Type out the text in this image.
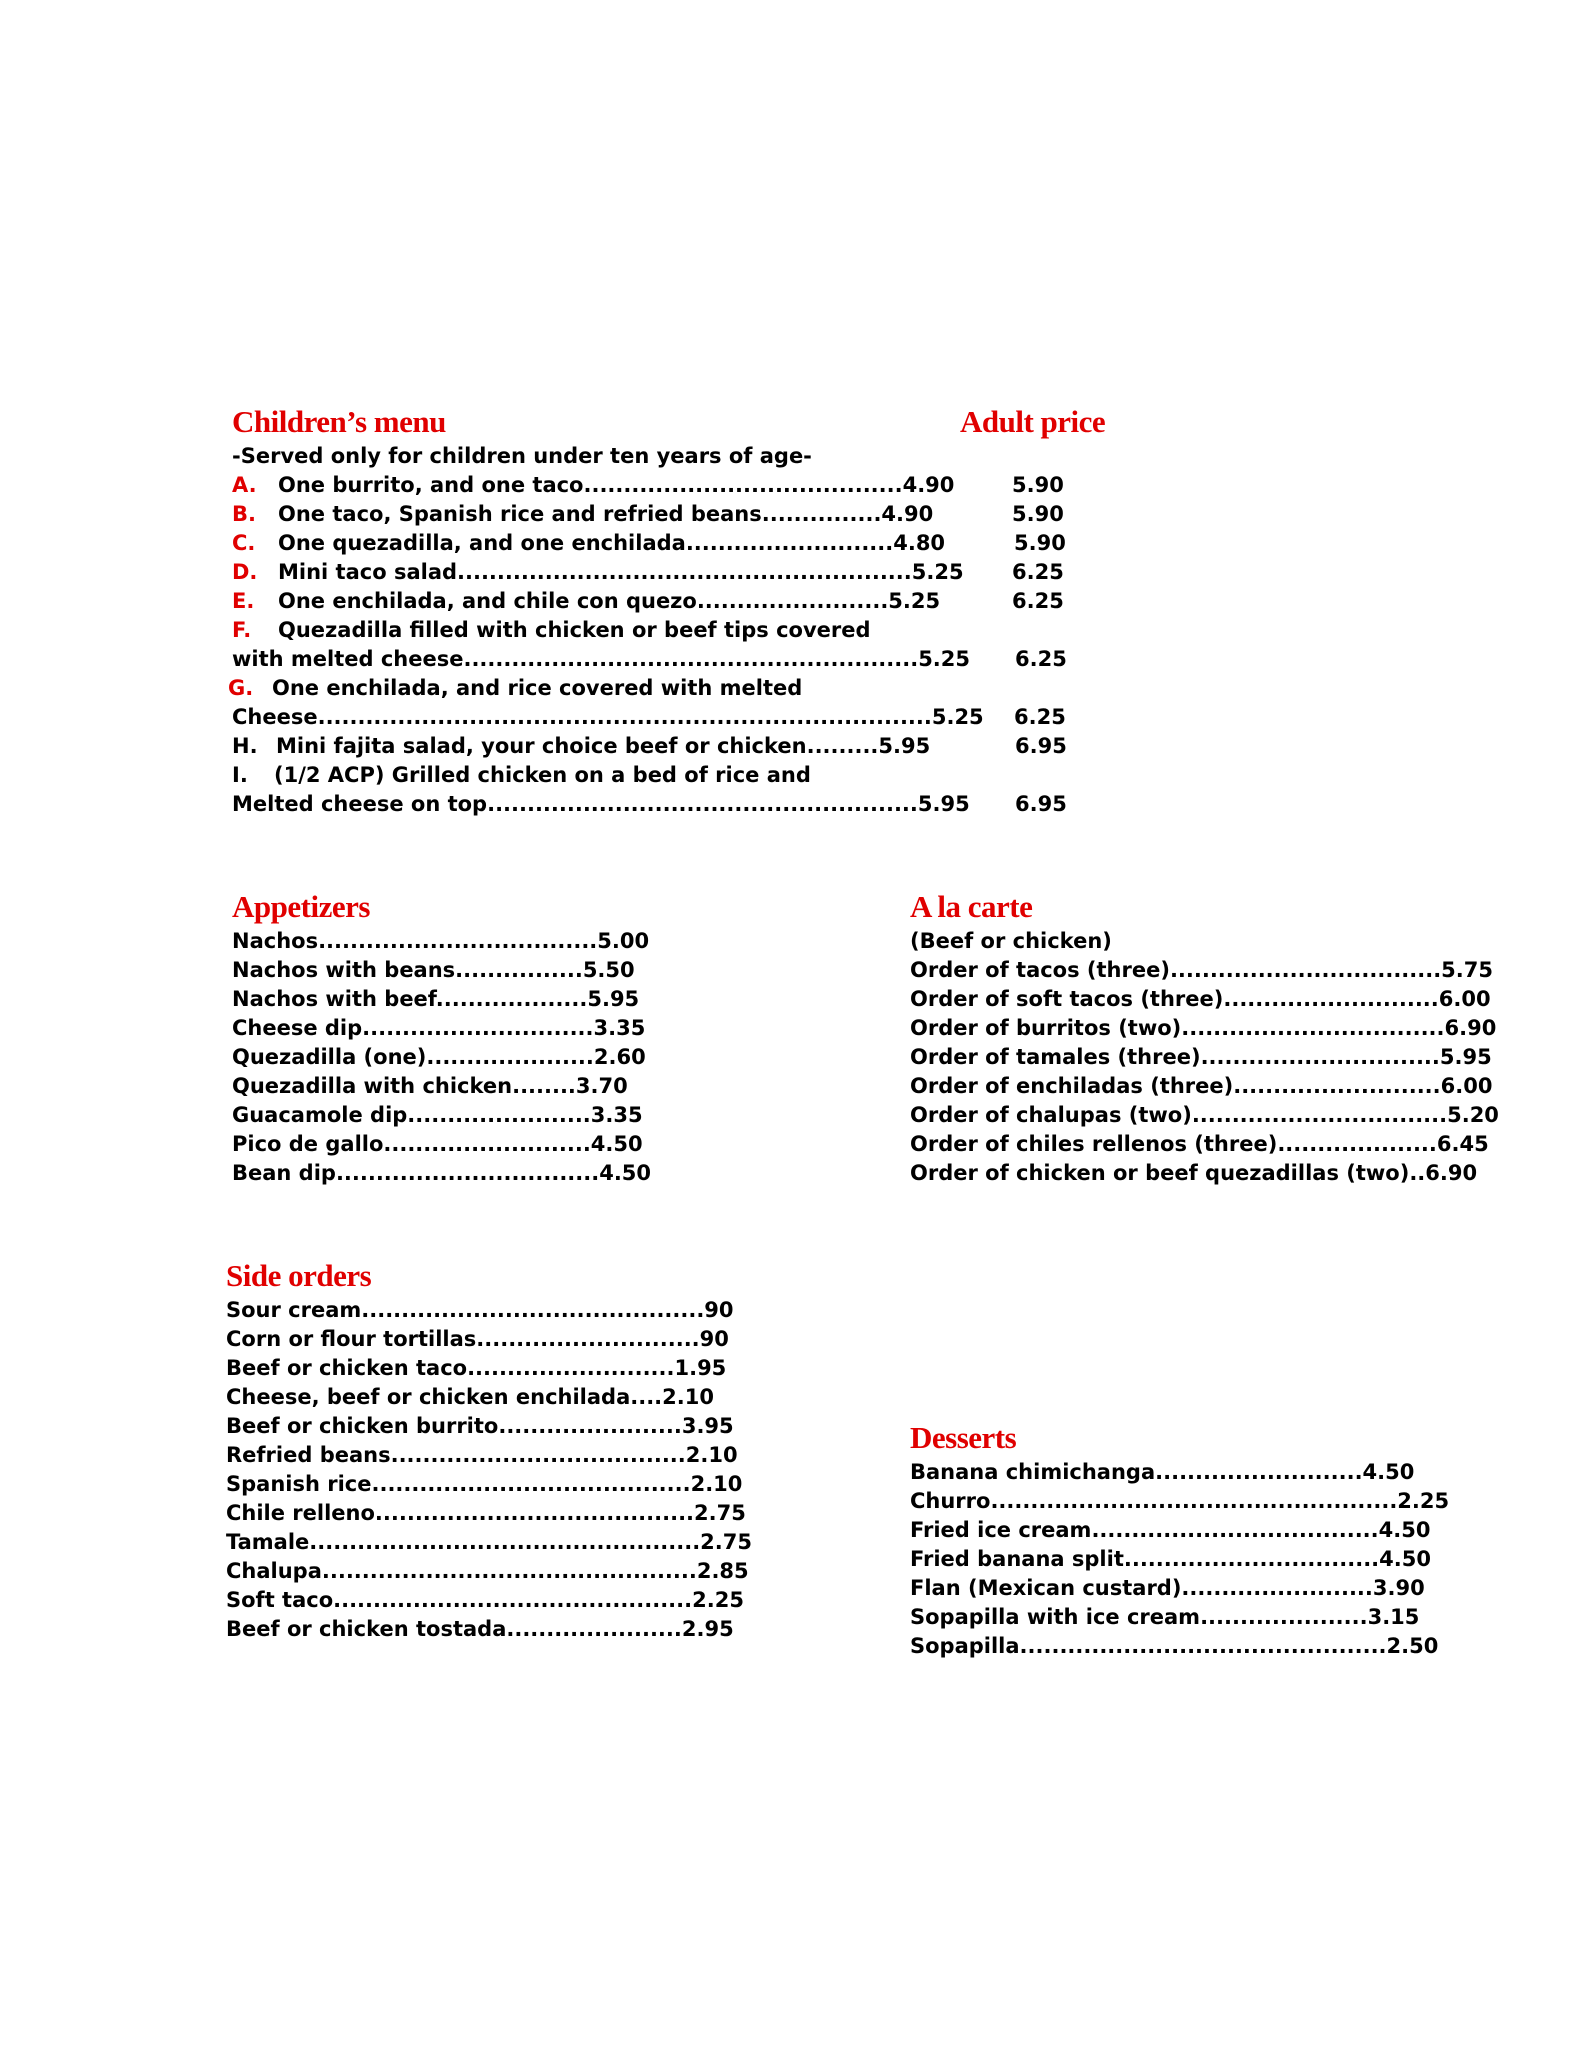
Children’s menu	Adult price
-Served only for children under ten years of age-
A. One burrito, and one taco........................................4.90	5.90
B. One taco, Spanish rice and refried beans...............4.90	5.90
C. One quezadilla, and one enchilada..........................4.80	5.90
D. Mini taco salad.........................................................5.25 6.25
E. One enchilada, and chile con quezo........................5.25	6.25
F. Quezadilla filled with chicken or beef tips covered
with melted cheese.........................................................5.25 6.25
G. One enchilada, and rice covered with melted
Cheese.............................................................................5.25 6.25
H. Mini fajita salad, your choice beef or chicken.........5.95	6.95
I. (1/2 ACP) Grilled chicken on a bed of rice and
Melted cheese on top......................................................5.95 6.95
Appetizers
Nachos...................................5.00
Nachos with beans................5.50
Nachos with beef...................5.95
Cheese dip.............................3.35
Quezadilla (one).....................2.60
Quezadilla with chicken........3.70
Guacamole dip.......................3.35
Pico de gallo..........................4.50
Bean dip.................................4.50
A la carte
(Beef or chicken)
Order of tacos (three)..................................5.75
Order of soft tacos (three)...........................6.00
Order of burritos (two).................................6.90
Order of tamales (three)..............................5.95
Order of enchiladas (three)..........................6.00
Order of chalupas (two)................................5.20
Order of chiles rellenos (three)....................6.45
Order of chicken or beef quezadillas (two)..6.90
Side orders
Sour cream...........................................90
Corn or flour tortillas............................90
Beef or chicken taco..........................1.95
Cheese, beef or chicken enchilada....2.10
Beef or chicken burrito.......................3.95
Refried beans.....................................2.10
Spanish rice........................................2.10
Chile relleno........................................2.75
Tamale.................................................2.75
Chalupa...............................................2.85
Soft taco.............................................2.25
Beef or chicken tostada......................2.95
Desserts
Banana chimichanga..........................4.50
Churro...................................................2.25
Fried ice cream....................................4.50
Fried banana split................................4.50
Flan (Mexican custard)........................3.90
Sopapilla with ice cream.....................3.15
Sopapilla..............................................2.50
